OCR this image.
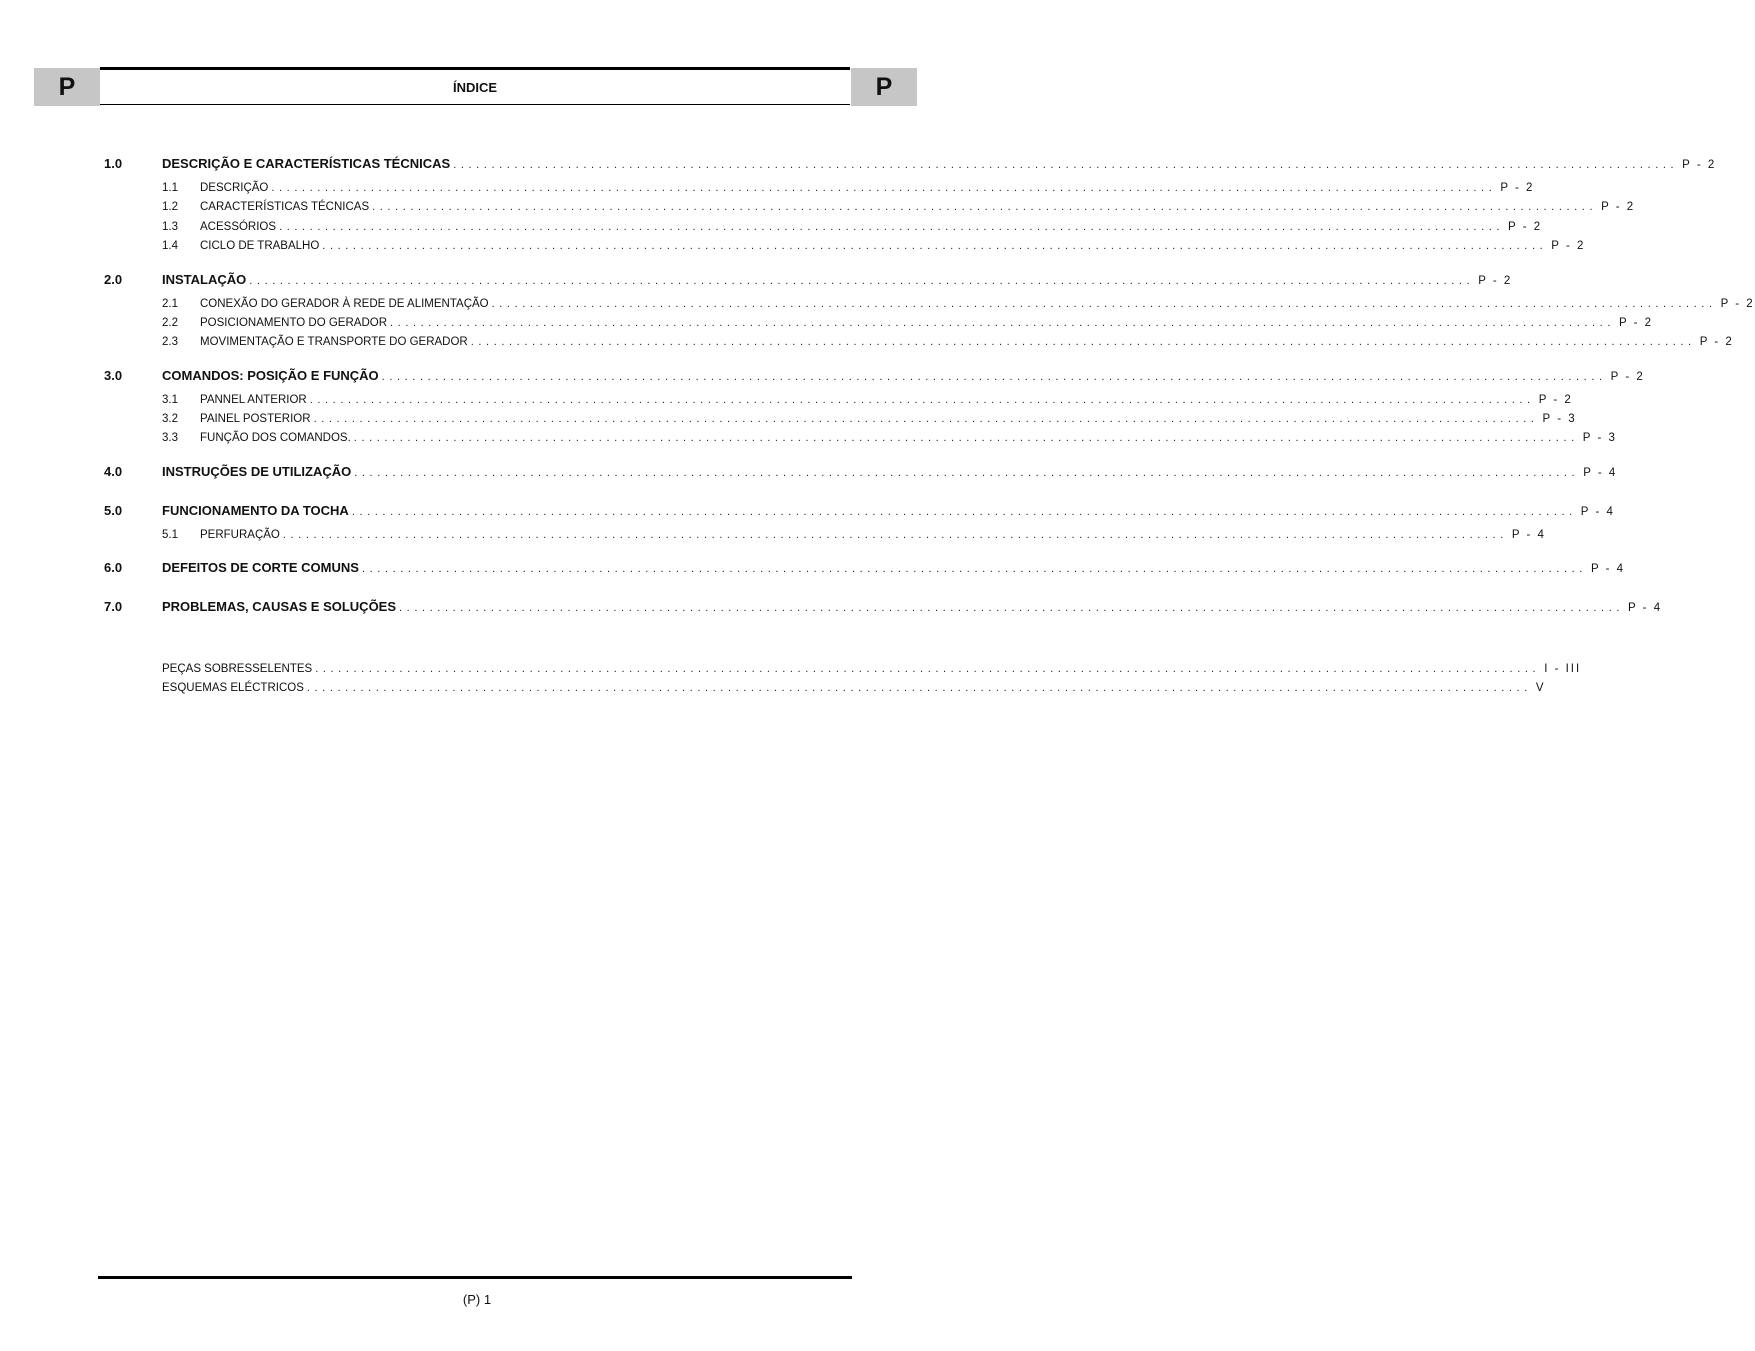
P	ÍNDICE	P
1.0	DESCRIÇÃO E CARACTERÍSTICAS TÉCNICAS ................................................................................................................................................................ P - 2
1.1	DESCRIÇÃO ................................................................................................................................................................ P - 2
1.2	CARACTERÍSTICAS TÉCNICAS ................................................................................................................................................................ P - 2
1.3	ACESSÓRIOS ................................................................................................................................................................ P - 2
1.4	CICLO DE TRABALHO ................................................................................................................................................................ P - 2
2.0	INSTALAÇÃO ................................................................................................................................................................ P - 2
2.1	CONEXÃO DO GERADOR À REDE DE ALIMENTAÇÃO ................................................................................................................................................................ P - 2
2.2	POSICIONAMENTO DO GERADOR ................................................................................................................................................................ P - 2
2.3	MOVIMENTAÇÃO E TRANSPORTE DO GERADOR ................................................................................................................................................................ P - 2
3.0	COMANDOS: POSIÇÃO E FUNÇÃO ................................................................................................................................................................ P - 2
3.1	PANNEL ANTERIOR ................................................................................................................................................................ P - 2
3.2	PAINEL POSTERIOR ................................................................................................................................................................ P - 3
3.3	FUNÇÃO DOS COMANDOS. ................................................................................................................................................................ P - 3
4.0	INSTRUÇÕES DE UTILIZAÇÃO ................................................................................................................................................................ P - 4
5.0	FUNCIONAMENTO DA TOCHA ................................................................................................................................................................ P - 4
5.1	PERFURAÇÃO ................................................................................................................................................................ P - 4
6.0	DEFEITOS DE CORTE COMUNS ................................................................................................................................................................ P - 4
7.0	PROBLEMAS, CAUSAS E SOLUÇÕES ................................................................................................................................................................ P - 4
PEÇAS SOBRESSELENTES ................................................................................................................................................................ I - III
ESQUEMAS ELÉCTRICOS ................................................................................................................................................................ V
(P) 1
